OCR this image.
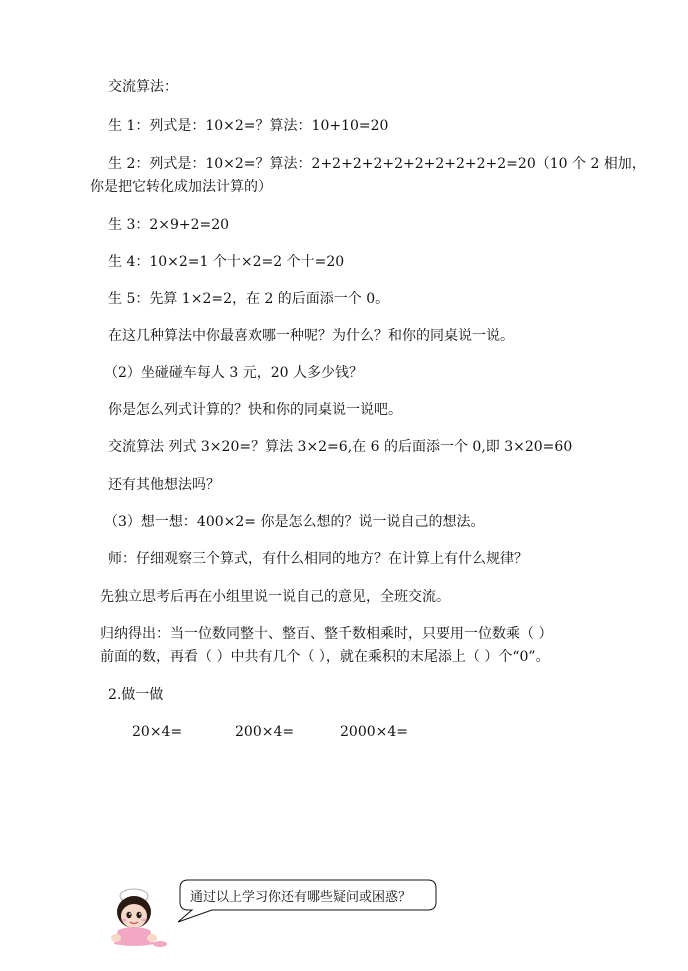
交流算法：
生 1：列式是：10×2=？算法：10+10=20
生 2：列式是：10×2=？算法：2+2+2+2+2+2+2+2+2+2=20（10 个 2 相加，
你是把它转化成加法计算的）
生 3：2×9+2=20
生 4：10×2=1 个十×2=2 个十=20
生 5：先算 1×2=2，在 2 的后面添一个 0。
在这几种算法中你最喜欢哪一种呢？为什么？和你的同桌说一说。
（2）坐碰碰车每人 3 元，20 人多少钱？
你是怎么列式计算的？快和你的同桌说一说吧。
交流算法 列式 3×20=？算法 3×2=6,在 6 的后面添一个 0,即 3×20=60
还有其他想法吗？
（3）想一想：400×2= 你是怎么想的？说一说自己的想法。
师：仔细观察三个算式，有什么相同的地方？在计算上有什么规律？
先独立思考后再在小组里说一说自己的意见，全班交流。
归纳得出：当一位数同整十、整百、整千数相乘时，只要用一位数乘（ ）
前面的数，再看（ ）中共有几个（ ），就在乘积的末尾添上（ ）个“0”。
2.做一做
20×4=	200×4=	2000×4=
通过以上学习你还有哪些疑问或困惑？
